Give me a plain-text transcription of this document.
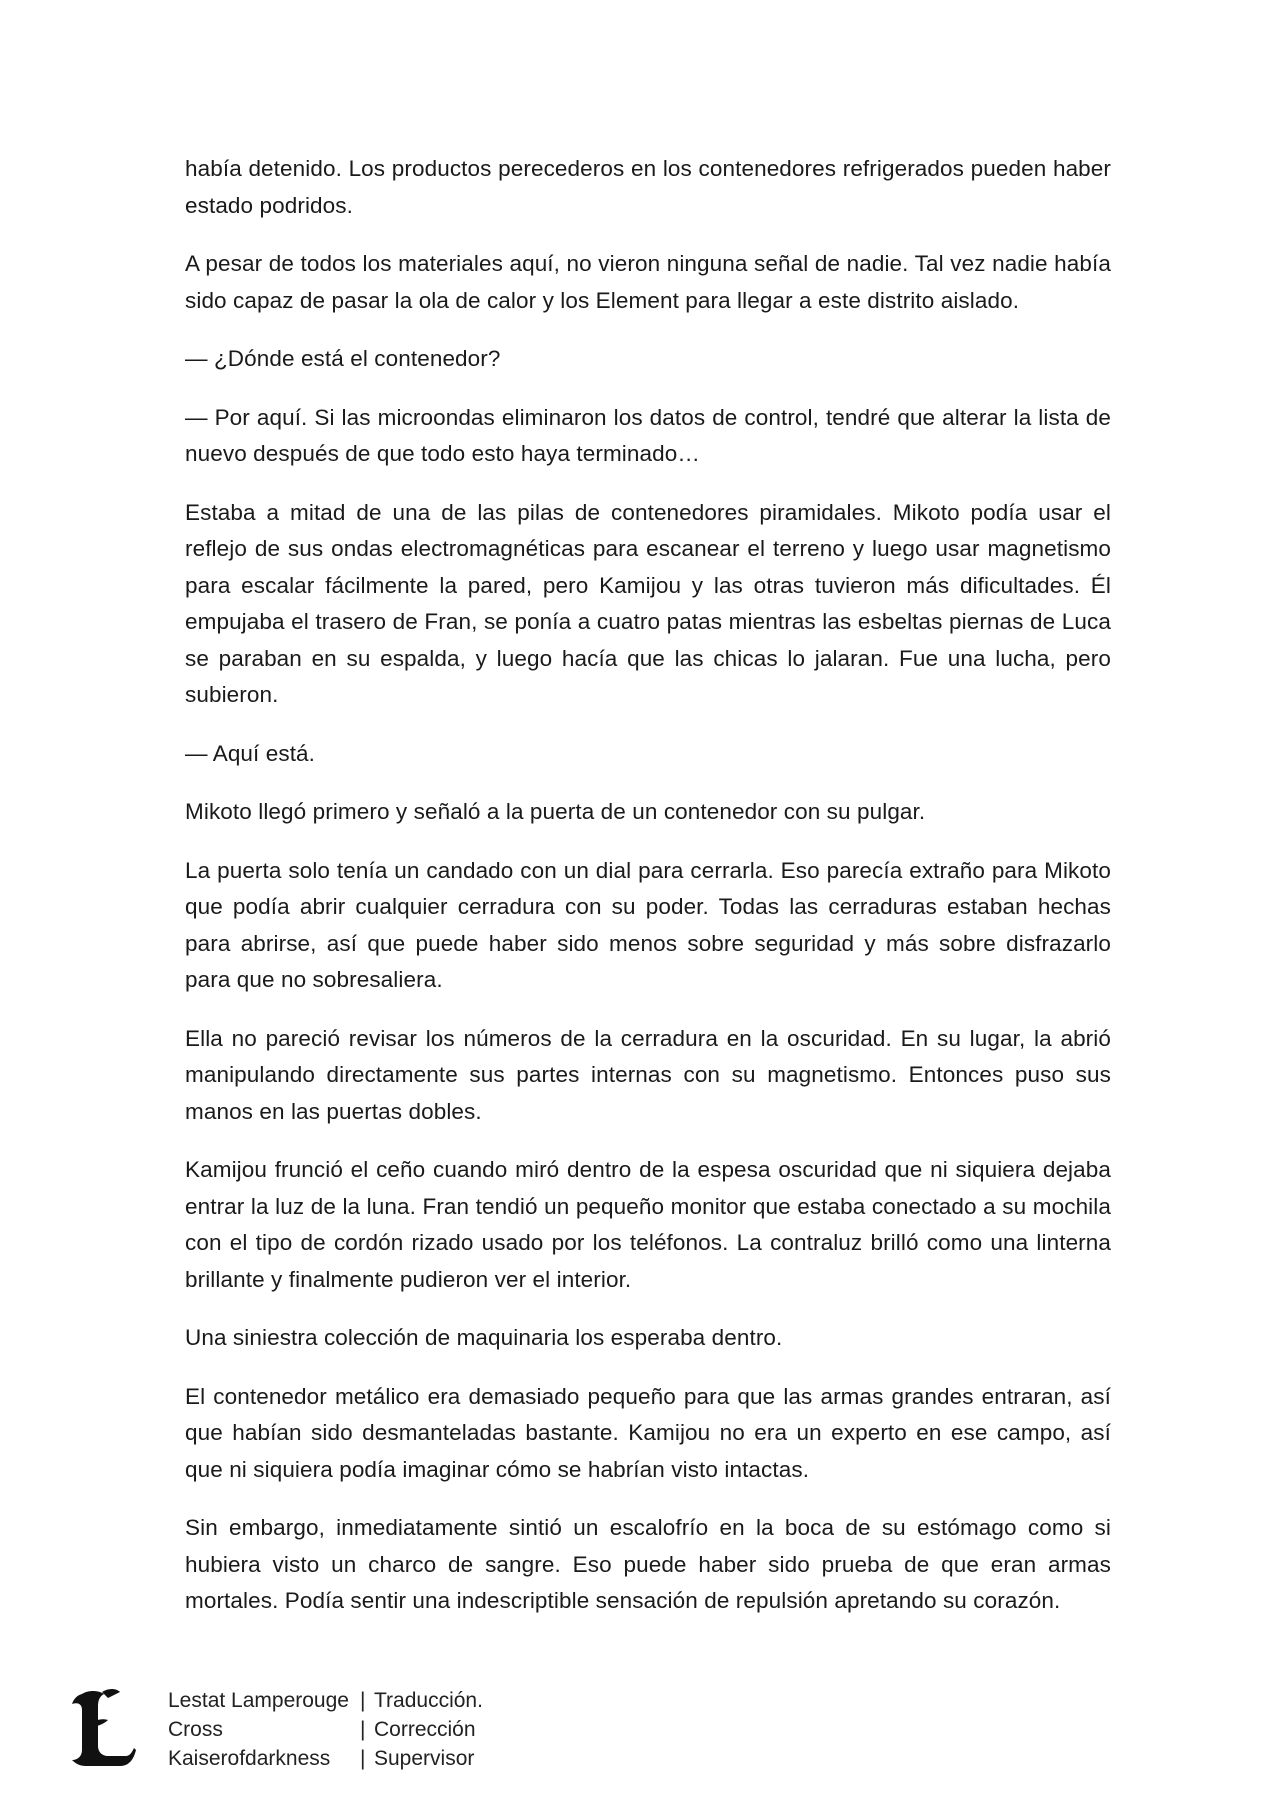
había detenido. Los productos perecederos en los contenedores refrigerados pueden haber estado podridos.

A pesar de todos los materiales aquí, no vieron ninguna señal de nadie. Tal vez nadie había sido capaz de pasar la ola de calor y los Element para llegar a este distrito aislado.

— ¿Dónde está el contenedor?

— Por aquí. Si las microondas eliminaron los datos de control, tendré que alterar la lista de nuevo después de que todo esto haya terminado…

Estaba a mitad de una de las pilas de contenedores piramidales. Mikoto podía usar el reflejo de sus ondas electromagnéticas para escanear el terreno y luego usar magnetismo para escalar fácilmente la pared, pero Kamijou y las otras tuvieron más dificultades. Él empujaba el trasero de Fran, se ponía a cuatro patas mientras las esbeltas piernas de Luca se paraban en su espalda, y luego hacía que las chicas lo jalaran. Fue una lucha, pero subieron.

— Aquí está.

Mikoto llegó primero y señaló a la puerta de un contenedor con su pulgar.

La puerta solo tenía un candado con un dial para cerrarla. Eso parecía extraño para Mikoto que podía abrir cualquier cerradura con su poder. Todas las cerraduras estaban hechas para abrirse, así que puede haber sido menos sobre seguridad y más sobre disfrazarlo para que no sobresaliera.

Ella no pareció revisar los números de la cerradura en la oscuridad. En su lugar, la abrió manipulando directamente sus partes internas con su magnetismo. Entonces puso sus manos en las puertas dobles.

Kamijou frunció el ceño cuando miró dentro de la espesa oscuridad que ni siquiera dejaba entrar la luz de la luna. Fran tendió un pequeño monitor que estaba conectado a su mochila con el tipo de cordón rizado usado por los teléfonos. La contraluz brilló como una linterna brillante y finalmente pudieron ver el interior.

Una siniestra colección de maquinaria los esperaba dentro.

El contenedor metálico era demasiado pequeño para que las armas grandes entraran, así que habían sido desmanteladas bastante. Kamijou no era un experto en ese campo, así que ni siquiera podía imaginar cómo se habrían visto intactas.

Sin embargo, inmediatamente sintió un escalofrío en la boca de su estómago como si hubiera visto un charco de sangre. Eso puede haber sido prueba de que eran armas mortales. Podía sentir una indescriptible sensación de repulsión apretando su corazón.

Lestat Lamperouge | Traducción.
Cross	| Corrección
Kaiserofdarkness	| Supervisor
